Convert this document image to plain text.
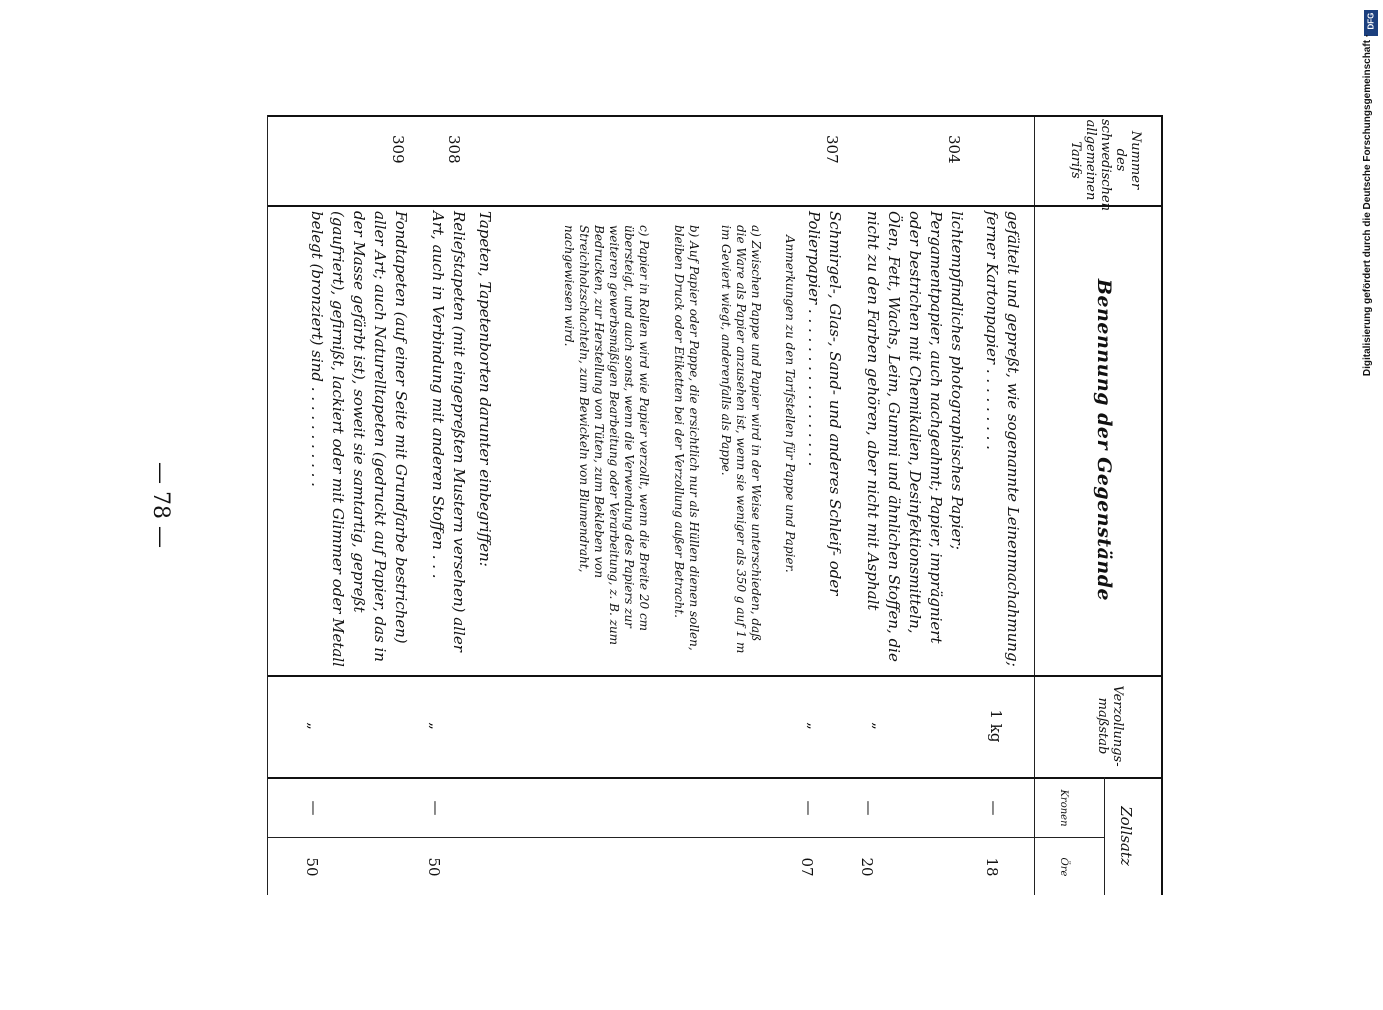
— 78 —
Nummer des schwedischen allgemeinen Tarifs
Benennung der Gegenstände
Verzollungsmaßstab
Zollsatz
Kronen
Öre
gefältelt und gepreßt, wie sogenannte Leinenmachahmung; ferner Kartonpapier . . . . . . . . .
1 kg
—
18
304
lichtempfindliches photographisches Papier; Pergamentpapier, auch nachgeahmt; Papier, imprägniert oder bestrichen mit Chemikalien, Desinfektionsmitteln, Ölen, Fett, Wachs, Leim, Gummi und ähnlichen Stoffen, die nicht zu den Farben gehören, aber nicht mit Asphalt
„
—
20
307
Schmirgel-, Glas-, Sand- und anderes Schleif- oder Polierpapier . . . . . . . . . . . . . . . . .
„
—
07
Anmerkungen zu den Tarifstellen für Pappe und Papier.
a) Zwischen Pappe und Papier wird in der Weise unterschieden, daß die Ware als Papier anzusehen ist, wenn sie weniger als 350 g auf 1 m im Geviert wiegt, anderenfalls als Pappe.
b) Auf Papier oder Pappe, die ersichtlich nur als Hüllen dienen sollen, bleiben Druck oder Etiketten bei der Verzollung außer Betracht.
c) Papier in Rollen wird wie Papier verzollt, wenn die Breite 20 cm übersteigt, und auch sonst, wenn die Verwendung des Papiers zur weiteren gewerbsmäßigen Bearbeitung oder Verarbeitung, z. B. zum Bedrucken, zur Herstellung von Tüten, zum Bekleben von Streichholzschachteln, zum Bewickeln von Blumendraht, nachgewiesen wird.
Tapeten, Tapetenborten darunter einbegriffen:
308
Reliefstapeten (mit eingepreßten Mustern versehen) aller Art, auch in Verbindung mit anderen Stoffen . . .
„
—
50
309
Fondtapeten (auf einer Seite mit Grundfarbe bestrichen) aller Art; auch Naturelltapeten (gedruckt auf Papier, das in der Masse gefärbt ist), soweit sie samtartig, gepreßt (gaufriert), gefirnißt, lackiert oder mit Glimmer oder Metall belegt (bronziert) sind . . . . . . . . . . .
„
—
50
DFG
Digitalisierung gefördert durch die Deutsche Forschungsgemeinschaft ·
